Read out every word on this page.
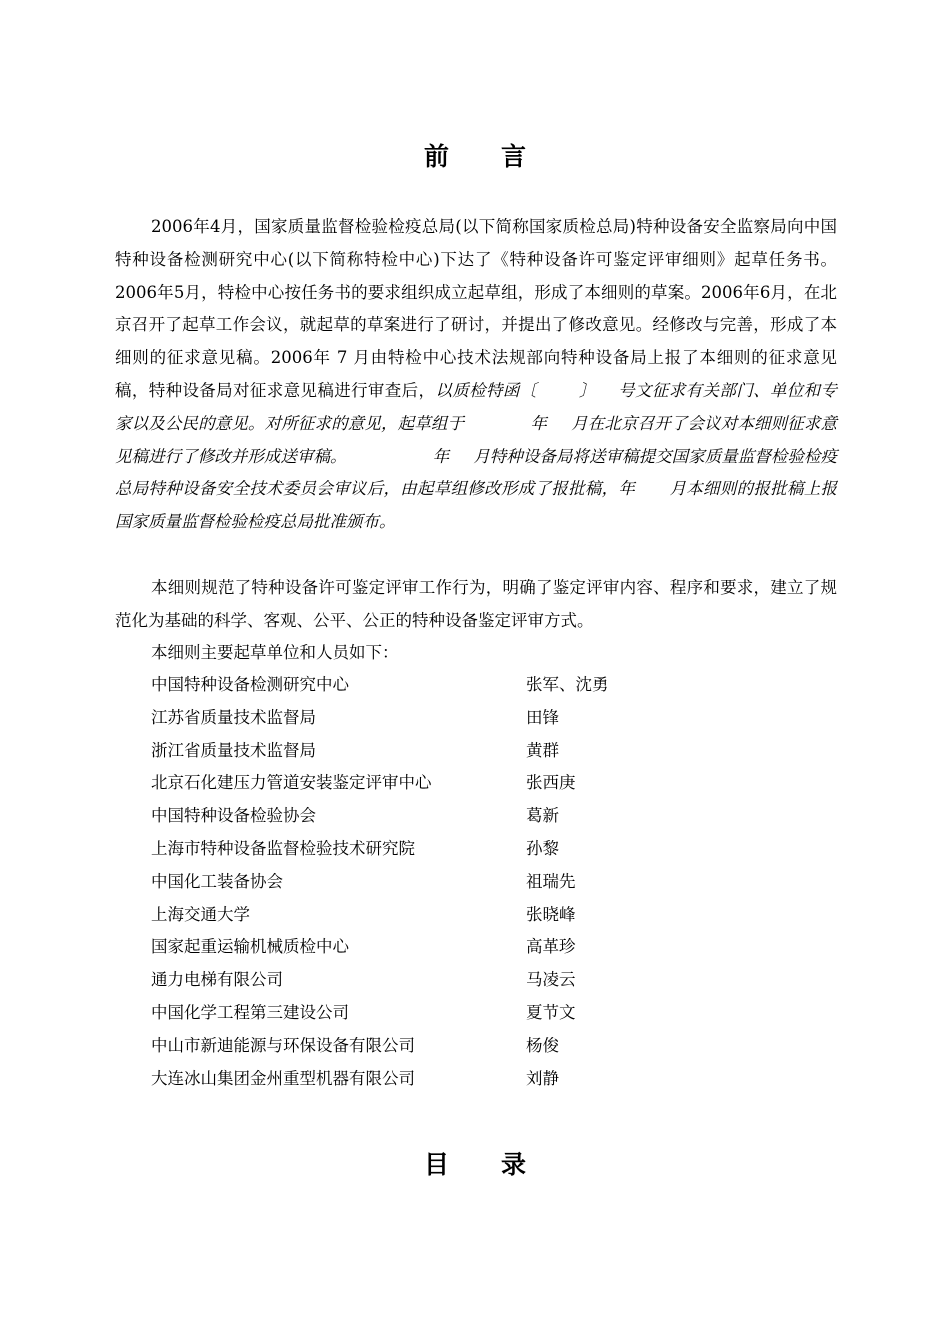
前言

2006年4月，国家质量监督检验检疫总局(以下简称国家质检总局)特种设备安全监察局向中国特种设备检测研究中心(以下简称特检中心)下达了《特种设备许可鉴定评审细则》起草任务书。2006年5月，特检中心按任务书的要求组织成立起草组，形成了本细则的草案。2006年6月，在北京召开了起草工作会议，就起草的草案进行了研讨，并提出了修改意见。经修改与完善，形成了本细则的征求意见稿。2006年 7 月由特检中心技术法规部向特种设备局上报了本细则的征求意见稿，特种设备局对征求意见稿进行审查后，以质检特函〔	〕 号文征求有关部门、单位和专家以及公民的意见。对所征求的意见，起草组于	年 月在北京召开了会议对本细则征求意见稿进行了修改并形成送审稿。	年 月特种设备局将送审稿提交国家质量监督检验检疫总局特种设备安全技术委员会审议后，由起草组修改形成了报批稿，年 月本细则的报批稿上报国家质量监督检验检疫总局批准颁布。

本细则规范了特种设备许可鉴定评审工作行为，明确了鉴定评审内容、程序和要求，建立了规范化为基础的科学、客观、公平、公正的特种设备鉴定评审方式。

本细则主要起草单位和人员如下：

中国特种设备检测研究中心	张军、沈勇
江苏省质量技术监督局	田锋
浙江省质量技术监督局	黄群
北京石化建压力管道安装鉴定评审中心	张西庚
中国特种设备检验协会	葛新
上海市特种设备监督检验技术研究院	孙黎
中国化工装备协会	祖瑞先
上海交通大学	张晓峰
国家起重运输机械质检中心	高革珍
通力电梯有限公司	马凌云
中国化学工程第三建设公司	夏节文
中山市新迪能源与环保设备有限公司	杨俊
大连冰山集团金州重型机器有限公司	刘静
目录
